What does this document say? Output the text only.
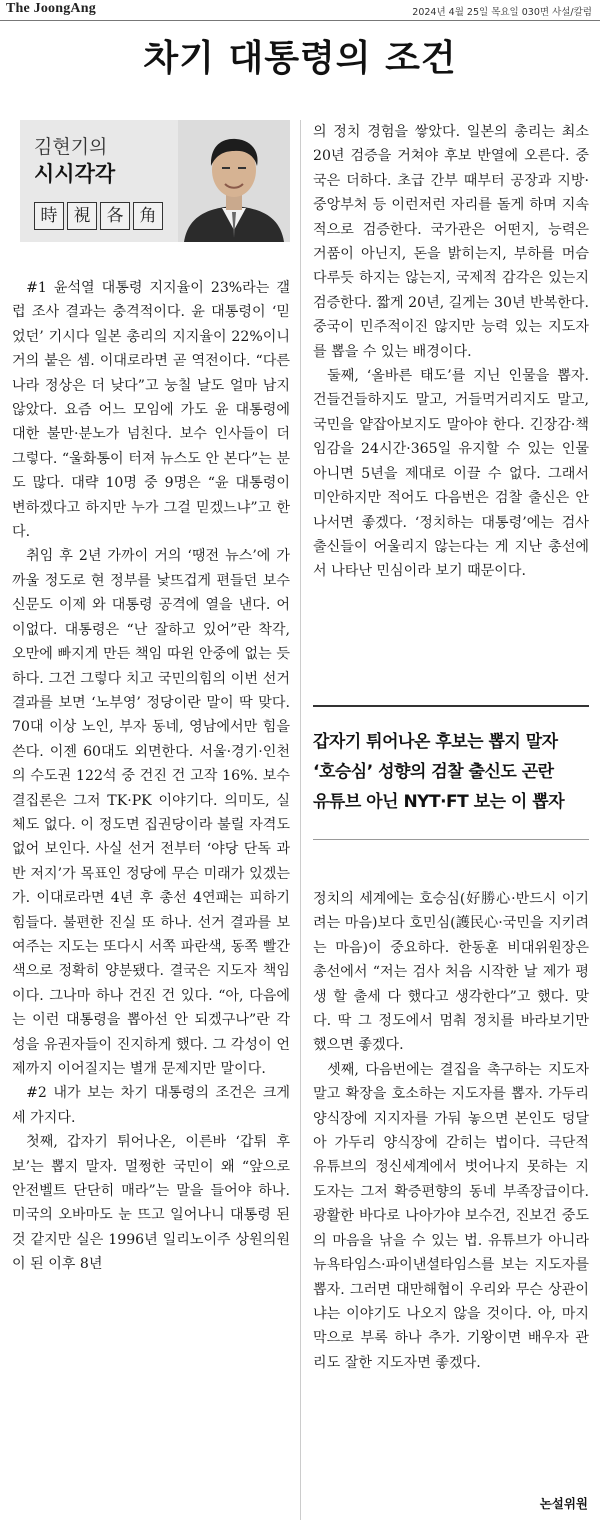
The JoongAng	2024년 4월 25일 목요일 030면 사설/칼럼
차기 대통령의 조건
김현기의
시시각각
時 視 各 角

#1 윤석열 대통령 지지율이 23%라는 갤럽 조사 결과는 충격적이다. 윤 대통령이 ‘믿었던’ 기시다 일본 총리의 지지율이 22%이니 거의 붙은 셈. 이대로라면 곧 역전이다. “다른 나라 정상은 더 낮다”고 눙칠 날도 얼마 남지 않았다. 요즘 어느 모임에 가도 윤 대통령에 대한 불만·분노가 넘친다. 보수 인사들이 더 그렇다. “울화통이 터져 뉴스도 안 본다”는 분도 많다. 대략 10명 중 9명은 “윤 대통령이 변하겠다고 하지만 누가 그걸 믿겠느냐”고 한다.

취임 후 2년 가까이 거의 ‘땡전 뉴스’에 가까울 정도로 현 정부를 낯뜨겁게 편들던 보수 신문도 이제 와 대통령 공격에 열을 낸다. 어이없다. 대통령은 “난 잘하고 있어”란 착각, 오만에 빠지게 만든 책임 따윈 안중에 없는 듯하다. 그건 그렇다 치고 국민의힘의 이번 선거 결과를 보면 ‘노부영’ 정당이란 말이 딱 맞다. 70대 이상 노인, 부자 동네, 영남에서만 힘을 쓴다. 이젠 60대도 외면한다. 서울·경기·인천의 수도권 122석 중 건진 건 고작 16%. 보수 결집론은 그저 TK·PK 이야기다. 의미도, 실체도 없다. 이 정도면 집권당이라 불릴 자격도 없어 보인다. 사실 선거 전부터 ‘야당 단독 과반 저지’가 목표인 정당에 무슨 미래가 있겠는가. 이대로라면 4년 후 총선 4연패는 피하기 힘들다. 불편한 진실 또 하나. 선거 결과를 보여주는 지도는 또다시 서쪽 파란색, 동쪽 빨간색으로 정확히 양분됐다. 결국은 지도자 책임이다. 그나마 하나 건진 건 있다. “아, 다음에는 이런 대통령을 뽑아선 안 되겠구나”란 각성을 유권자들이 진지하게 했다. 그 각성이 언제까지 이어질지는 별개 문제지만 말이다.

#2 내가 보는 차기 대통령의 조건은 크게 세 가지다.

첫째, 갑자기 튀어나온, 이른바 ‘갑튀 후보’는 뽑지 말자. 멀쩡한 국민이 왜 “앞으로 안전벨트 단단히 매라”는 말을 들어야 하나. 미국의 오바마도 눈 뜨고 일어나니 대통령 된 것 같지만 실은 1996년 일리노이주 상원의원이 된 이후 8년

의 정치 경험을 쌓았다. 일본의 총리는 최소 20년 검증을 거쳐야 후보 반열에 오른다. 중국은 더하다. 초급 간부 때부터 공장과 지방·중앙부처 등 이런저런 자리를 돌게 하며 지속적으로 검증한다. 국가관은 어떤지, 능력은 거품이 아닌지, 돈을 밝히는지, 부하를 머슴 다루듯 하지는 않는지, 국제적 감각은 있는지 검증한다. 짧게 20년, 길게는 30년 반복한다. 중국이 민주적이진 않지만 능력 있는 지도자를 뽑을 수 있는 배경이다.

둘째, ‘올바른 태도’를 지닌 인물을 뽑자. 건들건들하지도 말고, 거들먹거리지도 말고, 국민을 얕잡아보지도 말아야 한다. 긴장감·책임감을 24시간·365일 유지할 수 있는 인물 아니면 5년을 제대로 이끌 수 없다. 그래서 미안하지만 적어도 다음번은 검찰 출신은 안 나서면 좋겠다. ‘정치하는 대통령’에는 검사 출신들이 어울리지 않는다는 게 지난 총선에서 나타난 민심이라 보기 때문이다.

갑자기 튀어나온 후보는 뽑지 말자
‘호승심’ 성향의 검찰 출신도 곤란
유튜브 아닌 NYT·FT 보는 이 뽑자

정치의 세계에는 호승심(好勝心·반드시 이기려는 마음)보다 호민심(護民心·국민을 지키려는 마음)이 중요하다. 한동훈 비대위원장은 총선에서 “저는 검사 처음 시작한 날 제가 평생 할 출세 다 했다고 생각한다”고 했다. 맞다. 딱 그 정도에서 멈춰 정치를 바라보기만 했으면 좋겠다.

셋째, 다음번에는 결집을 촉구하는 지도자 말고 확장을 호소하는 지도자를 뽑자. 가두리 양식장에 지지자를 가둬 놓으면 본인도 덩달아 가두리 양식장에 갇히는 법이다. 극단적 유튜브의 정신세계에서 벗어나지 못하는 지도자는 그저 확증편향의 동네 부족장급이다. 광활한 바다로 나아가야 보수건, 진보건 중도의 마음을 낚을 수 있는 법. 유튜브가 아니라 뉴욕타임스·파이낸셜타임스를 보는 지도자를 뽑자. 그러면 대만해협이 우리와 무슨 상관이냐는 이야기도 나오지 않을 것이다. 아, 마지막으로 부록 하나 추가. 기왕이면 배우자 관리도 잘한 지도자면 좋겠다.

논설위원
